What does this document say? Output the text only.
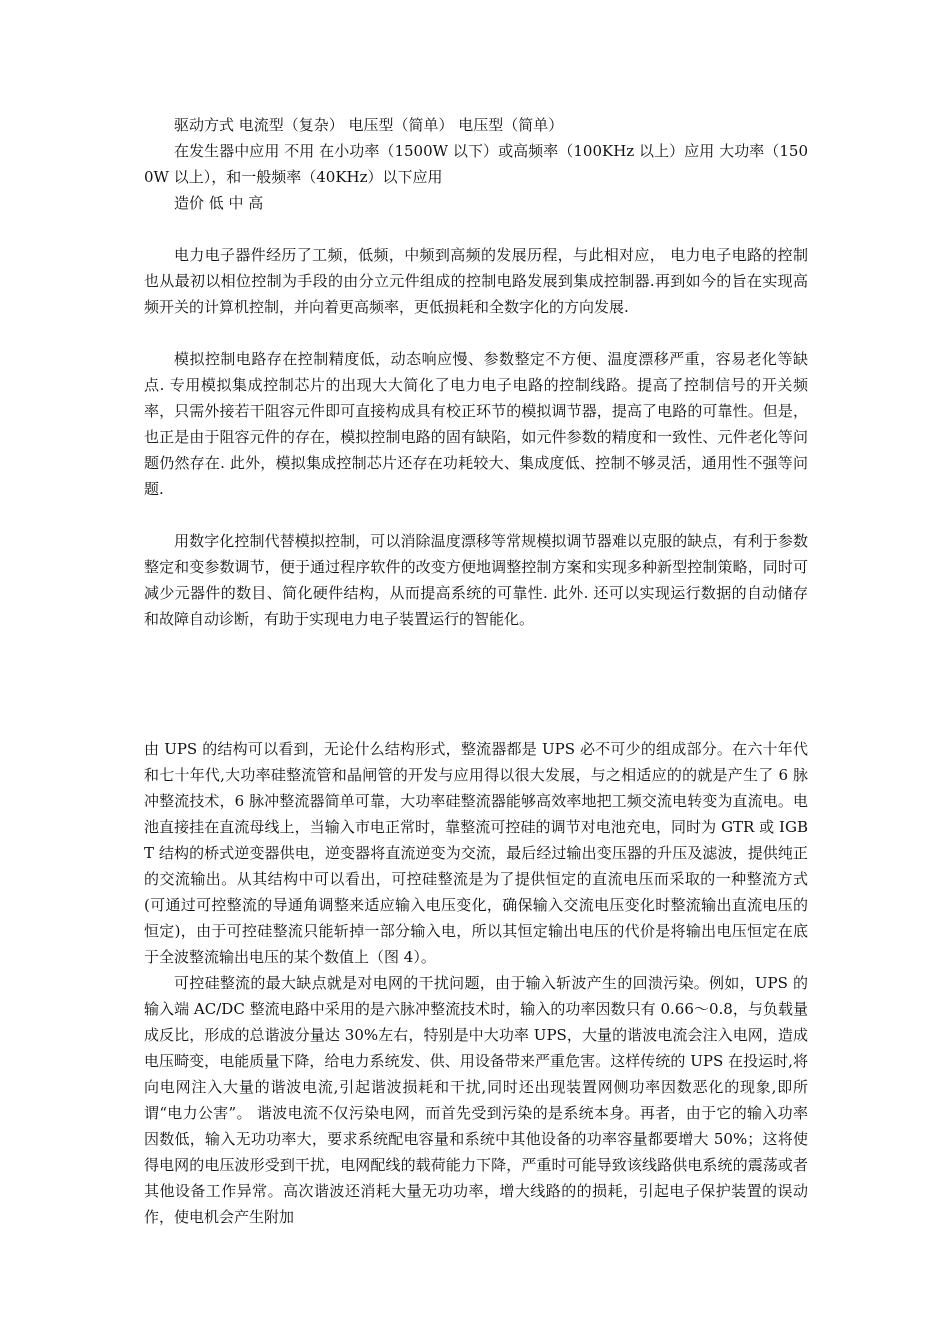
驱动方式 电流型（复杂） 电压型（简单） 电压型（简单）

在发生器中应用 不用 在小功率（1500W 以下）或高频率（100KHz 以上）应用 大功率（1500W 以上），和一般频率（40KHz）以下应用

造价 低 中 高

电力电子器件经历了工频，低频，中频到高频的发展历程，与此相对应， 电力电子电路的控制也从最初以相位控制为手段的由分立元件组成的控制电路发展到集成控制器.再到如今的旨在实现高频开关的计算机控制，并向着更高频率，更低损耗和全数字化的方向发展.

模拟控制电路存在控制精度低，动态响应慢、参数整定不方便、温度漂移严重，容易老化等缺点. 专用模拟集成控制芯片的出现大大简化了电力电子电路的控制线路。提高了控制信号的开关频率，只需外接若干阻容元件即可直接构成具有校正环节的模拟调节器，提高了电路的可靠性。但是，也正是由于阻容元件的存在，模拟控制电路的固有缺陷，如元件参数的精度和一致性、元件老化等问题仍然存在. 此外，模拟集成控制芯片还存在功耗较大、集成度低、控制不够灵活，通用性不强等问题.

用数字化控制代替模拟控制，可以消除温度漂移等常规模拟调节器难以克服的缺点，有利于参数整定和变参数调节，便于通过程序软件的改变方便地调整控制方案和实现多种新型控制策略，同时可减少元器件的数目、简化硬件结构，从而提高系统的可靠性. 此外. 还可以实现运行数据的自动储存和故障自动诊断，有助于实现电力电子装置运行的智能化。

由 UPS 的结构可以看到，无论什么结构形式，整流器都是 UPS 必不可少的组成部分。在六十年代和七十年代,大功率硅整流管和晶闸管的开发与应用得以很大发展，与之相适应的的就是产生了 6 脉冲整流技术，6 脉冲整流器简单可靠，大功率硅整流器能够高效率地把工频交流电转变为直流电。电池直接挂在直流母线上，当输入市电正常时，靠整流可控硅的调节对电池充电，同时为 GTR 或 IGBT 结构的桥式逆变器供电，逆变器将直流逆变为交流，最后经过输出变压器的升压及滤波，提供纯正的交流输出。从其结构中可以看出，可控硅整流是为了提供恒定的直流电压而采取的一种整流方式(可通过可控整流的导通角调整来适应输入电压变化，确保输入交流电压变化时整流输出直流电压的恒定)，由于可控硅整流只能斩掉一部分输入电，所以其恒定输出电压的代价是将输出电压恒定在底于全波整流输出电压的某个数值上（图 4）。

可控硅整流的最大缺点就是对电网的干扰问题，由于输入斩波产生的回溃污染。例如，UPS 的输入端 AC/DC 整流电路中采用的是六脉冲整流技术时，输入的功率因数只有 0.66～0.8，与负载量成反比，形成的总谐波分量达 30%左右，特别是中大功率 UPS，大量的谐波电流会注入电网，造成电压畸变，电能质量下降，给电力系统发、供、用设备带来严重危害。这样传统的 UPS 在投运时,将向电网注入大量的谐波电流,引起谐波损耗和干扰,同时还出现装置网侧功率因数恶化的现象,即所谓“电力公害”。 谐波电流不仅污染电网，而首先受到污染的是系统本身。再者，由于它的输入功率因数低，输入无功功率大，要求系统配电容量和系统中其他设备的功率容量都要增大 50%；这将使得电网的电压波形受到干扰，电网配线的载荷能力下降，严重时可能导致该线路供电系统的震荡或者其他设备工作异常。高次谐波还消耗大量无功功率，增大线路的的损耗，引起电子保护装置的误动作，使电机会产生附加
